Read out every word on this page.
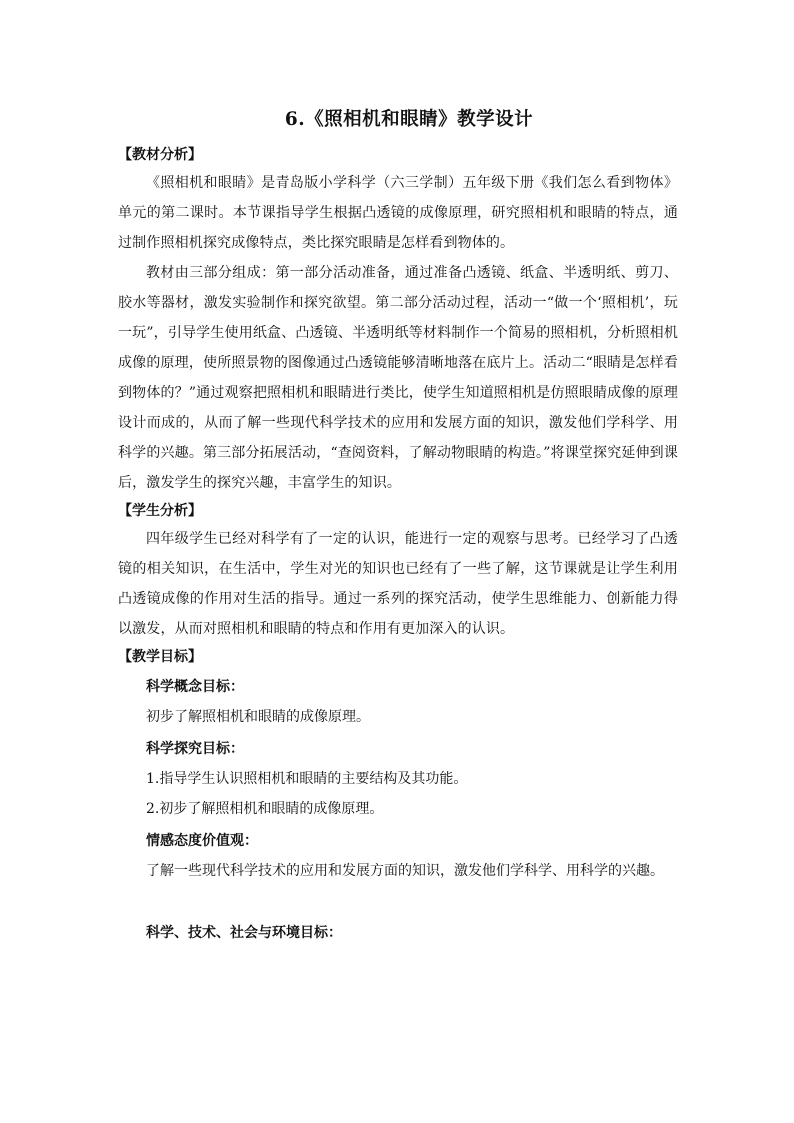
6.《照相机和眼睛》教学设计

【教材分析】

《照相机和眼睛》是青岛版小学科学（六三学制）五年级下册《我们怎么看到物体》单元的第二课时。本节课指导学生根据凸透镜的成像原理，研究照相机和眼睛的特点，通过制作照相机探究成像特点，类比探究眼睛是怎样看到物体的。

教材由三部分组成：第一部分活动准备，通过准备凸透镜、纸盒、半透明纸、剪刀、胶水等器材，激发实验制作和探究欲望。第二部分活动过程，活动一“做一个‘照相机’，玩一玩”，引导学生使用纸盒、凸透镜、半透明纸等材料制作一个简易的照相机，分析照相机成像的原理，使所照景物的图像通过凸透镜能够清晰地落在底片上。活动二“眼睛是怎样看到物体的？”通过观察把照相机和眼睛进行类比，使学生知道照相机是仿照眼睛成像的原理设计而成的，从而了解一些现代科学技术的应用和发展方面的知识，激发他们学科学、用科学的兴趣。第三部分拓展活动，“查阅资料，了解动物眼睛的构造。”将课堂探究延伸到课后，激发学生的探究兴趣，丰富学生的知识。

【学生分析】

四年级学生已经对科学有了一定的认识，能进行一定的观察与思考。已经学习了凸透镜的相关知识，在生活中，学生对光的知识也已经有了一些了解，这节课就是让学生利用凸透镜成像的作用对生活的指导。通过一系列的探究活动，使学生思维能力、创新能力得以激发，从而对照相机和眼睛的特点和作用有更加深入的认识。

【教学目标】

科学概念目标：

初步了解照相机和眼睛的成像原理。

科学探究目标：

1.指导学生认识照相机和眼睛的主要结构及其功能。

2.初步了解照相机和眼睛的成像原理。

情感态度价值观：

了解一些现代科学技术的应用和发展方面的知识，激发他们学科学、用科学的兴趣。

科学、技术、社会与环境目标：
